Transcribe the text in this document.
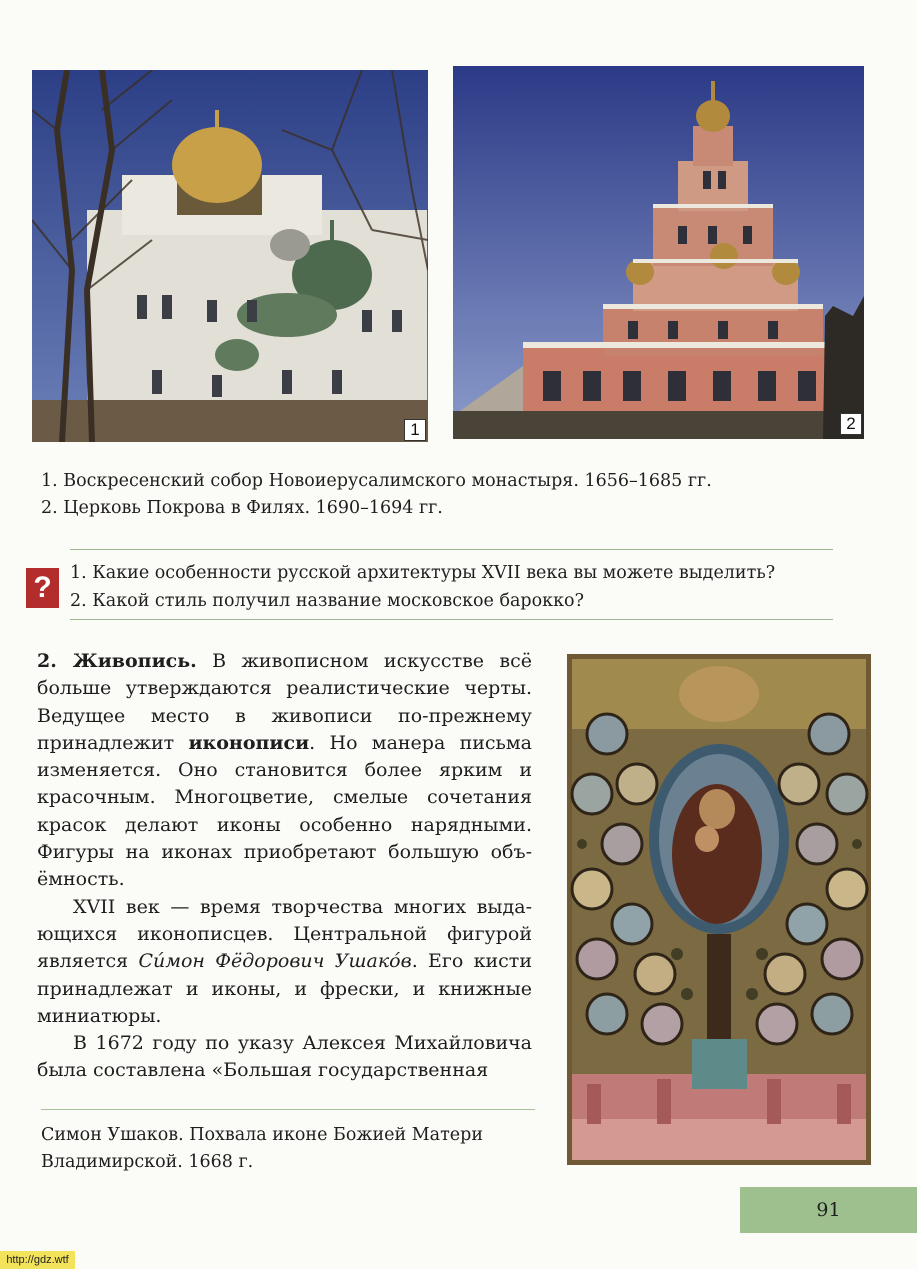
1	2
1. Воскресенский собор Новоиерусалимского монастыря. 1656–1685 гг.
2. Церковь Покрова в Филях. 1690–1694 гг.
?	1. Какие особенности русской архитектуры XVII века вы можете выделить?
2. Какой стиль получил название московское барокко?

2. Живопись. В живописном искусстве всё больше утверждаются реалистические черты. Ведущее место в живописи по-прежнему принадлежит иконописи. Но манера письма изменяется. Оно становится более ярким и красочным. Многоцветие, смелые сочетания красок делают иконы особенно нарядными. Фигуры на иконах приобретают большую объёмность.

XVII век — время творчества многих выдающихся иконописцев. Центральной фигурой является Си́мон Фёдорович Ушако́в. Его кисти принадлежат и иконы, и фрески, и книжные миниатюры.

В 1672 году по указу Алексея Михайловича была составлена «Большая государственная

Симон Ушаков. Похвала иконе Божией Матери Владимирской. 1668 г.
91
http://gdz.wtf
